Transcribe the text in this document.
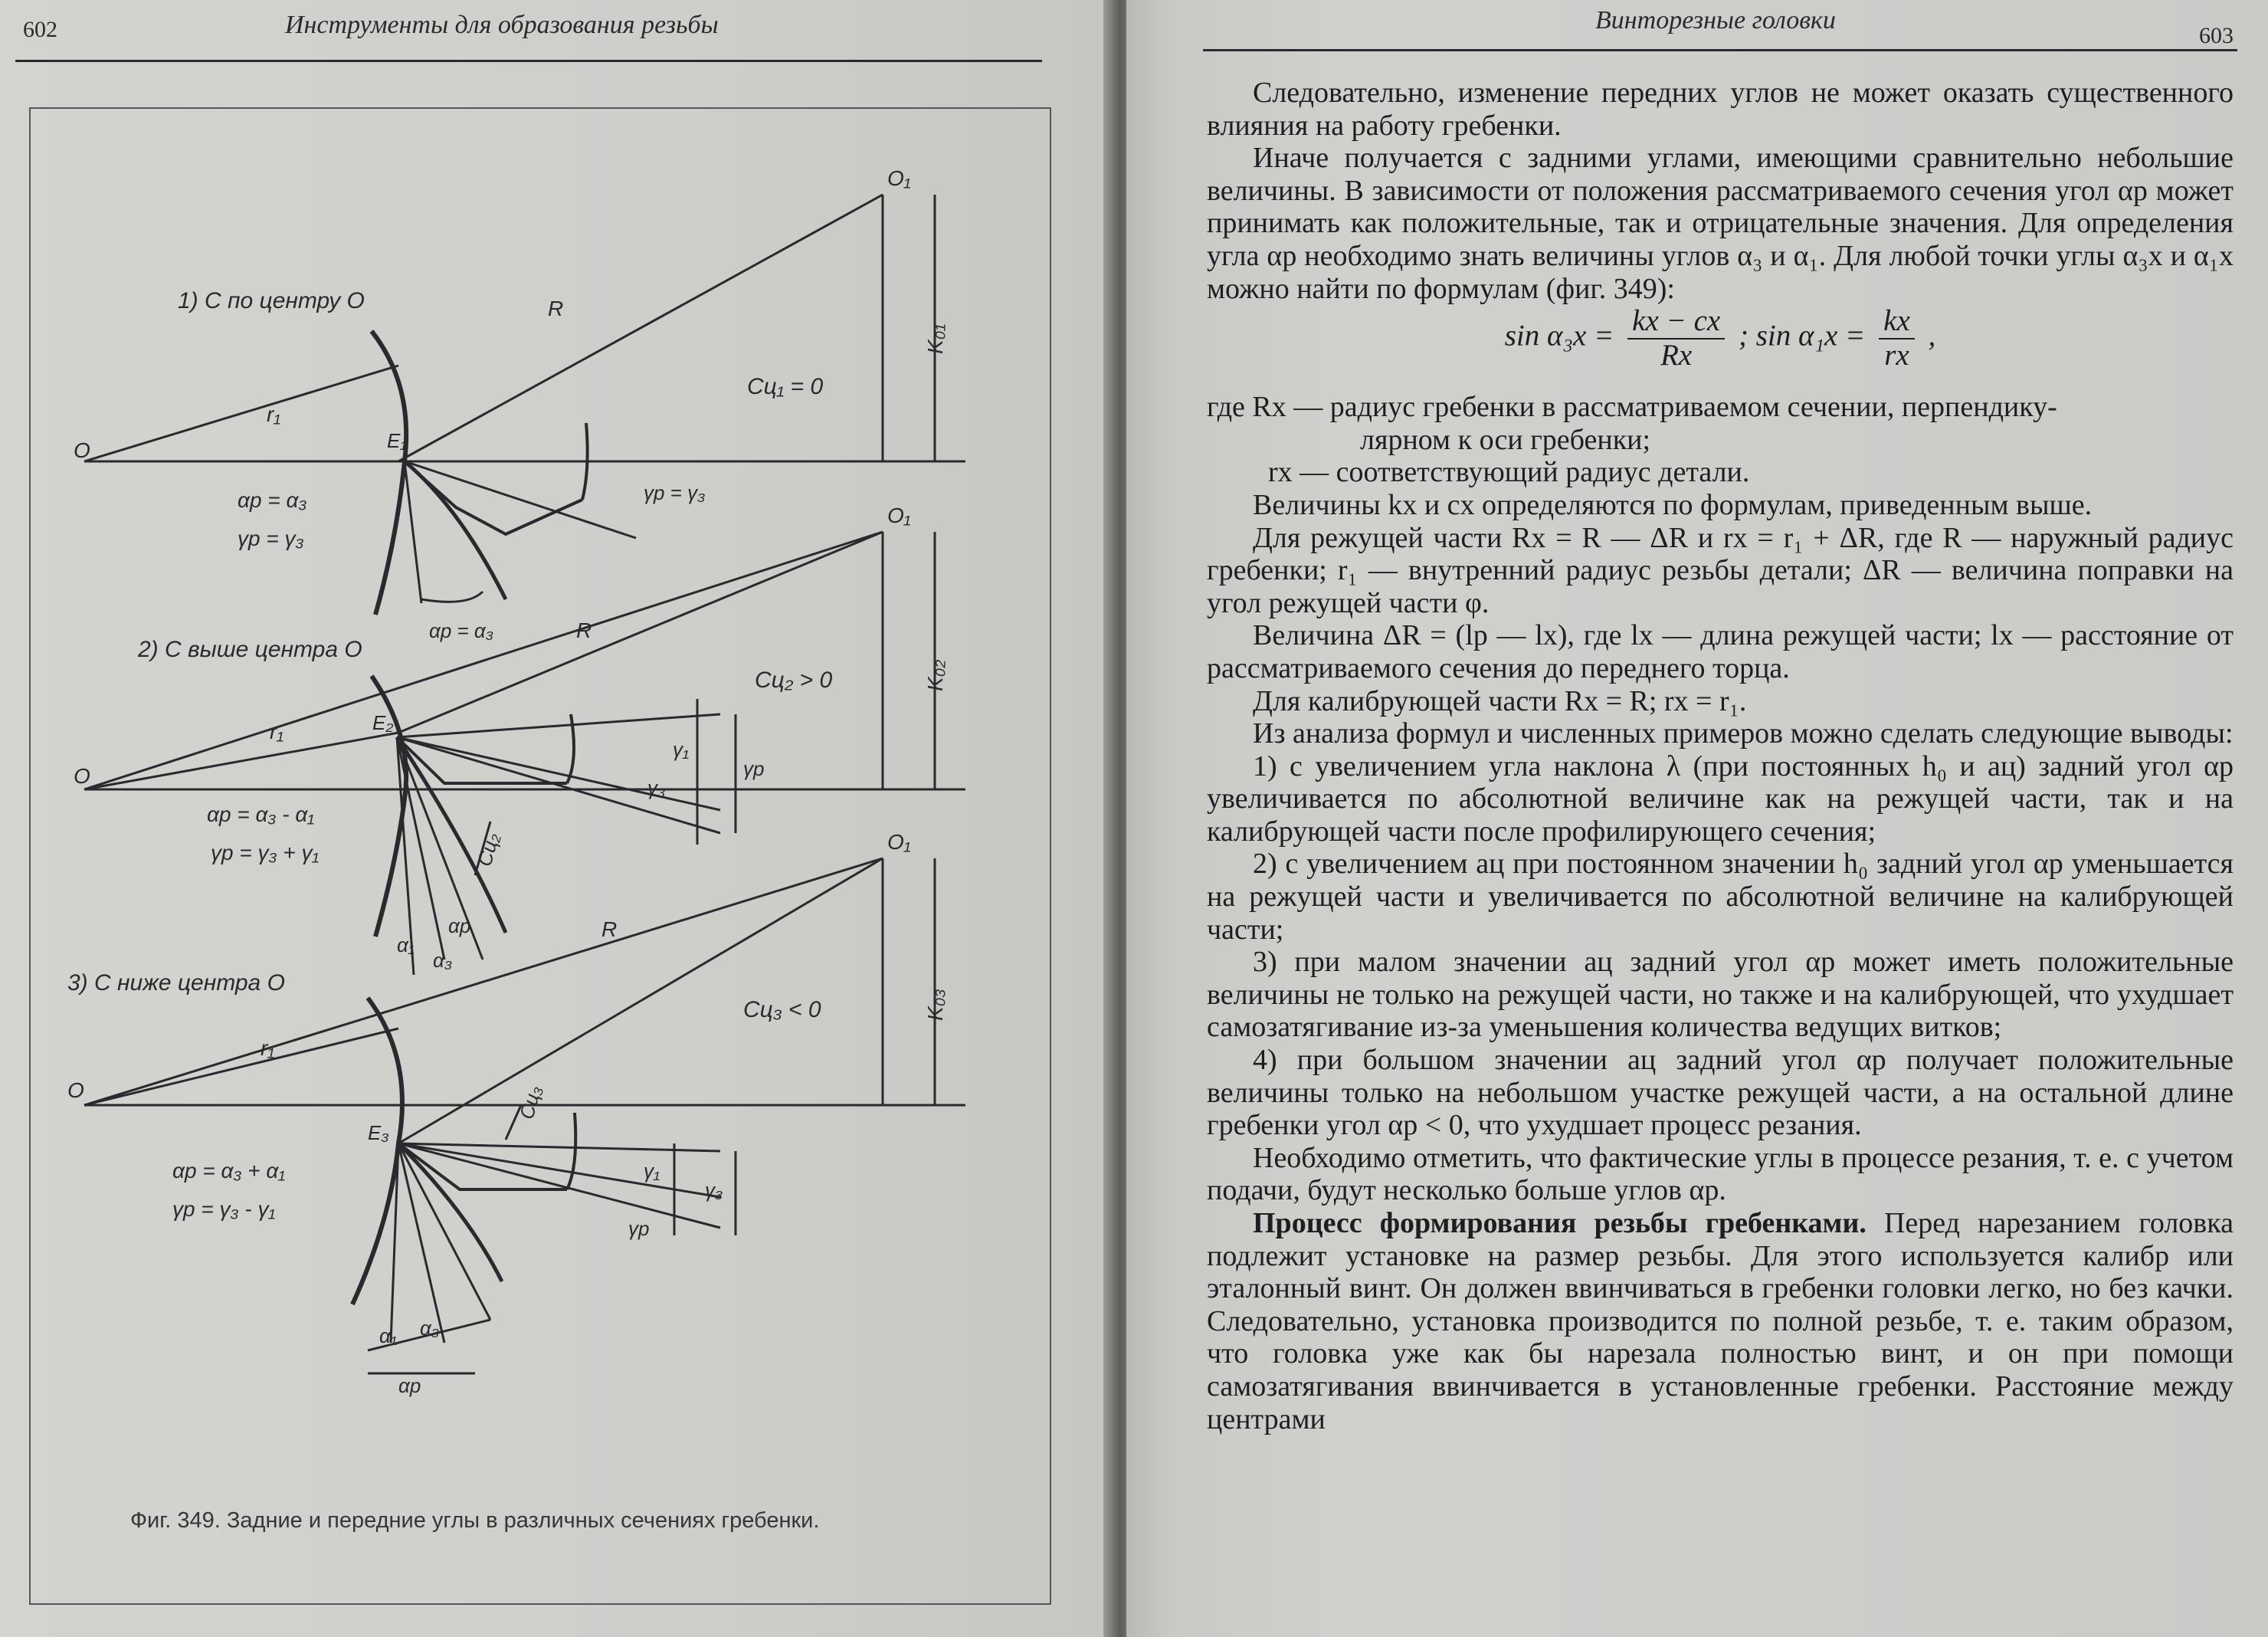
602	Инструменты для образования резьбы
1) С по центру О
О
О₁
R
r₁
E₁
Сц₁ = 0
K₀₁
αp = α₃
γp = γ₃
γp = γ₃
αp = α₃
2) С выше центра О
О
О₁
R
r₁	E₂
Сц₂ > 0	K₀₂
αp = α₃ - α₁
γp = γ₃ + γ₁
γ₁
γ₃
γp
Сц₂
α₁
αp
α₃
3) С ниже центра О
О
О₁
R
r₁
E₃
Сц₃ < 0	K₀₃
αp = α₃ + α₁
γp = γ₃ - γ₁
γ₁
γ₃
γp
Сц₃
α₁ α₃
αp
Фиг. 349. Задние и передние углы в различных сечениях гребенки.
Винторезные головки
603

Следовательно, изменение передних углов не может оказать существенного влияния на работу гребенки.

Иначе получается с задними углами, имеющими сравнительно небольшие величины. В зависимости от положения рассматриваемого сечения угол αp может принимать как положительные, так и отрицательные значения. Для определения угла αp необходимо знать величины углов α₃ и α₁. Для любой точки углы α₃x и α₁x можно найти по формулам (фиг. 349):

$\sin \alpha_3x = \frac{kx - cx}{Rx}$ ; $\sin \alpha_1x = \frac{kx}{rx}$ ,

где Rx — радиус гребенки в рассматриваемом сечении, перпендику-

лярном к оси гребенки;

rx — соответствующий радиус детали.

Величины kx и cx определяются по формулам, приведенным выше.

Для режущей части Rx = R — ΔR и rx = r₁ + ΔR, где R — наружный радиус гребенки; r₁ — внутренний радиус резьбы детали; ΔR — величина поправки на угол режущей части φ.

Величина ΔR = (lp — lx), где lx — длина режущей части; lx — расстояние от рассматриваемого сечения до переднего торца.

Для калибрующей части Rx = R; rx = r₁.

Из анализа формул и численных примеров можно сделать следующие выводы:

1) с увеличением угла наклона λ (при постоянных h₀ и aц) задний угол αp увеличивается по абсолютной величине как на режущей части, так и на калибрующей части после профилирующего сечения;

2) с увеличением aц при постоянном значении h₀ задний угол αp уменьшается на режущей части и увеличивается по абсолютной величине на калибрующей части;

3) при малом значении aц задний угол αp может иметь положительные величины не только на режущей части, но также и на калибрующей, что ухудшает самозатягивание из-за уменьшения количества ведущих витков;

4) при большом значении aц задний угол αp получает положительные величины только на небольшом участке режущей части, а на остальной длине гребенки угол αp < 0, что ухудшает процесс резания.

Необходимо отметить, что фактические углы в процессе резания, т. е. с учетом подачи, будут несколько больше углов αp.

Процесс формирования резьбы гребенками. Перед нарезанием головка подлежит установке на размер резьбы. Для этого используется калибр или эталонный винт. Он должен ввинчиваться в гребенки головки легко, но без качки. Следовательно, установка производится по полной резьбе, т. е. таким образом, что головка уже как бы нарезала полностью винт, и он при помощи самозатягивания ввинчивается в установленные гребенки. Расстояние между центрами
